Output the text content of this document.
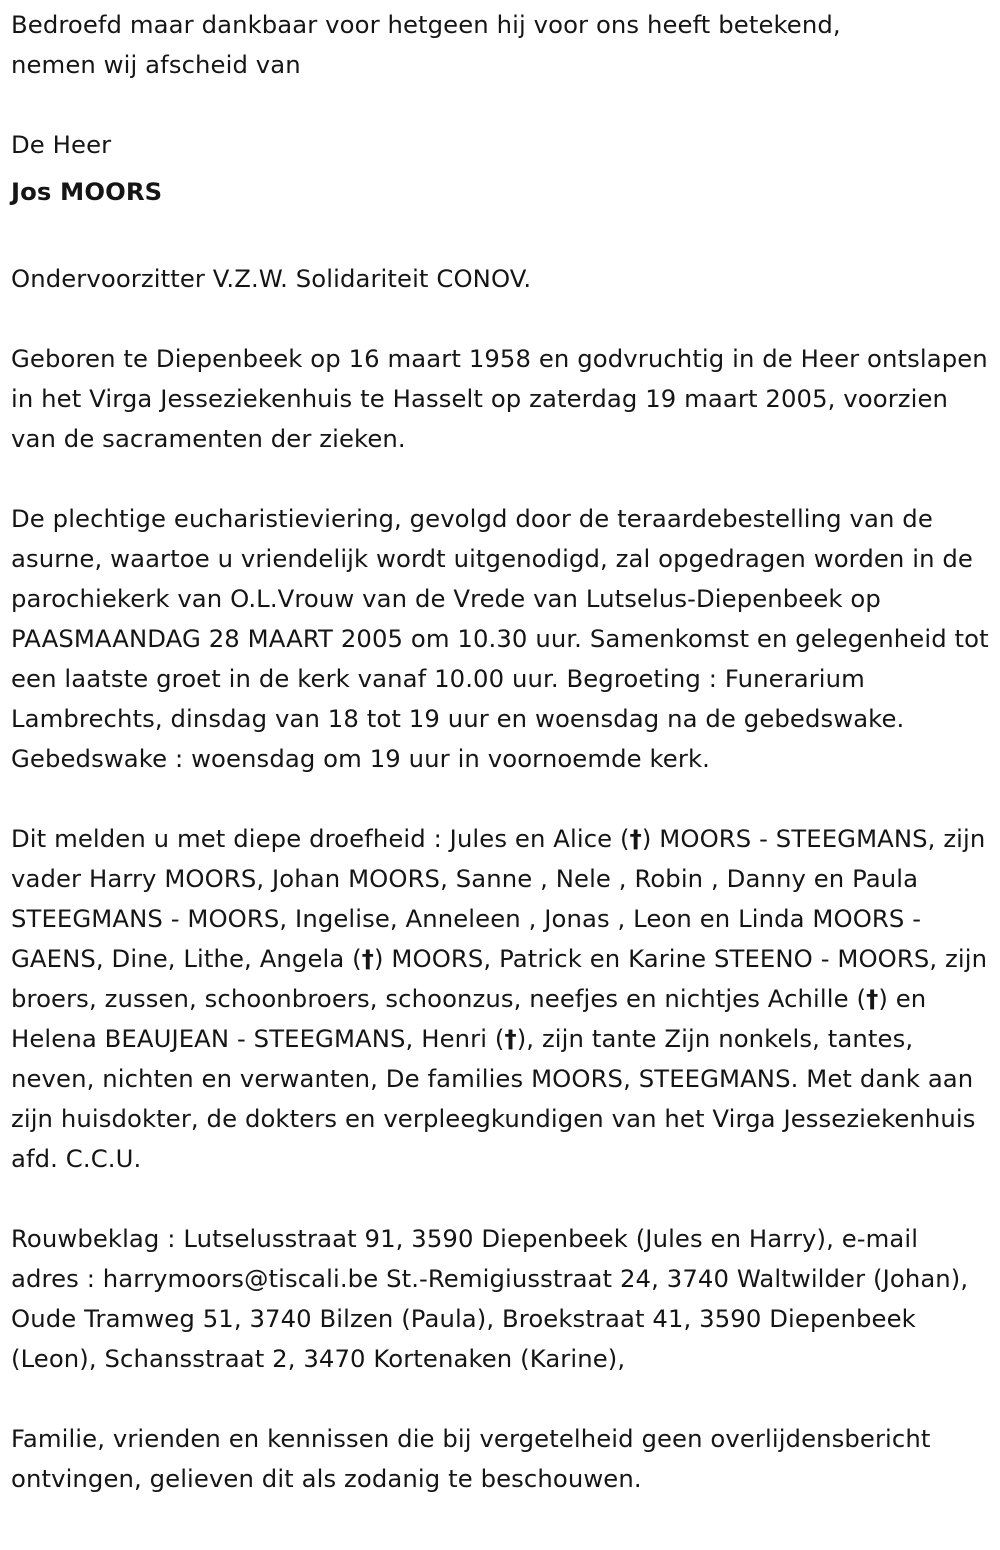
Bedroefd maar dankbaar voor hetgeen hij voor ons heeft betekend,
nemen wij afscheid van

De Heer

Jos MOORS

Ondervoorzitter V.Z.W. Solidariteit CONOV.

Geboren te Diepenbeek op 16 maart 1958 en godvruchtig in de Heer ontslapen in het Virga Jesseziekenhuis te Hasselt op zaterdag 19 maart 2005, voorzien van de sacramenten der zieken.

De plechtige eucharistieviering, gevolgd door de teraardebestelling van de asurne, waartoe u vriendelijk wordt uitgenodigd, zal opgedragen worden in de parochiekerk van O.L.Vrouw van de Vrede van Lutselus-Diepenbeek op PAASMAANDAG 28 MAART 2005 om 10.30 uur. Samenkomst en gelegenheid tot een laatste groet in de kerk vanaf 10.00 uur. Begroeting : Funerarium Lambrechts, dinsdag van 18 tot 19 uur en woensdag na de gebedswake. Gebedswake : woensdag om 19 uur in voornoemde kerk.

Dit melden u met diepe droefheid : Jules en Alice (†) MOORS - STEEGMANS, zijn vader Harry MOORS, Johan MOORS, Sanne , Nele , Robin , Danny en Paula STEEGMANS - MOORS, Ingelise, Anneleen , Jonas , Leon en Linda MOORS - GAENS, Dine, Lithe, Angela (†) MOORS, Patrick en Karine STEENO - MOORS, zijn broers, zussen, schoonbroers, schoonzus, neefjes en nichtjes Achille (†) en Helena BEAUJEAN - STEEGMANS, Henri (†), zijn tante Zijn nonkels, tantes, neven, nichten en verwanten, De families MOORS, STEEGMANS. Met dank aan zijn huisdokter, de dokters en verpleegkundigen van het Virga Jesseziekenhuis afd. C.C.U.

Rouwbeklag : Lutselusstraat 91, 3590 Diepenbeek (Jules en Harry), e-mail adres : harrymoors@tiscali.be St.-Remigiusstraat 24, 3740 Waltwilder (Johan), Oude Tramweg 51, 3740 Bilzen (Paula), Broekstraat 41, 3590 Diepenbeek (Leon), Schansstraat 2, 3470 Kortenaken (Karine),

Familie, vrienden en kennissen die bij vergetelheid geen overlijdensbericht ontvingen, gelieven dit als zodanig te beschouwen.
